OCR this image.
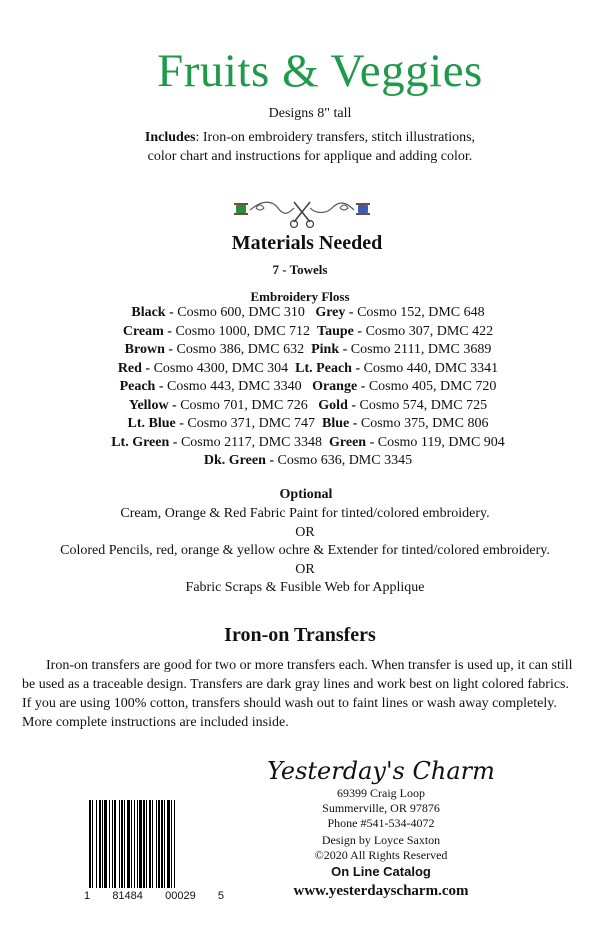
Fruits & Veggies
Designs 8" tall
Includes: Iron-on embroidery transfers, stitch illustrations,
color chart and instructions for applique and adding color.
Materials Needed
7 - Towels
Embroidery Floss
Black - Cosmo 600, DMC 310 Grey - Cosmo 152, DMC 648
Cream - Cosmo 1000, DMC 712 Taupe - Cosmo 307, DMC 422
Brown - Cosmo 386, DMC 632 Pink - Cosmo 2111, DMC 3689
Red - Cosmo 4300, DMC 304 Lt. Peach - Cosmo 440, DMC 3341
Peach - Cosmo 443, DMC 3340 Orange - Cosmo 405, DMC 720
Yellow - Cosmo 701, DMC 726 Gold - Cosmo 574, DMC 725
Lt. Blue - Cosmo 371, DMC 747 Blue - Cosmo 375, DMC 806
Lt. Green - Cosmo 2117, DMC 3348 Green - Cosmo 119, DMC 904
Dk. Green - Cosmo 636, DMC 3345
Optional
Cream, Orange & Red Fabric Paint for tinted/colored embroidery.
OR
Colored Pencils, red, orange & yellow ochre & Extender for tinted/colored embroidery.
OR
Fabric Scraps & Fusible Web for Applique
Iron-on Transfers

Iron-on transfers are good for two or more transfers each. When transfer is used up, it can still be used as a traceable design. Transfers are dark gray lines and work best on light colored fabrics. If you are using 100% cotton, transfers should wash out to faint lines or wash away completely. More complete instructions are included inside.

1 81484 00029 5
Yesterday's Charm
69399 Craig Loop
Summerville, OR 97876
Phone #541-534-4072
Design by Loyce Saxton
©2020 All Rights Reserved
On Line Catalog
www.yesterdayscharm.com
